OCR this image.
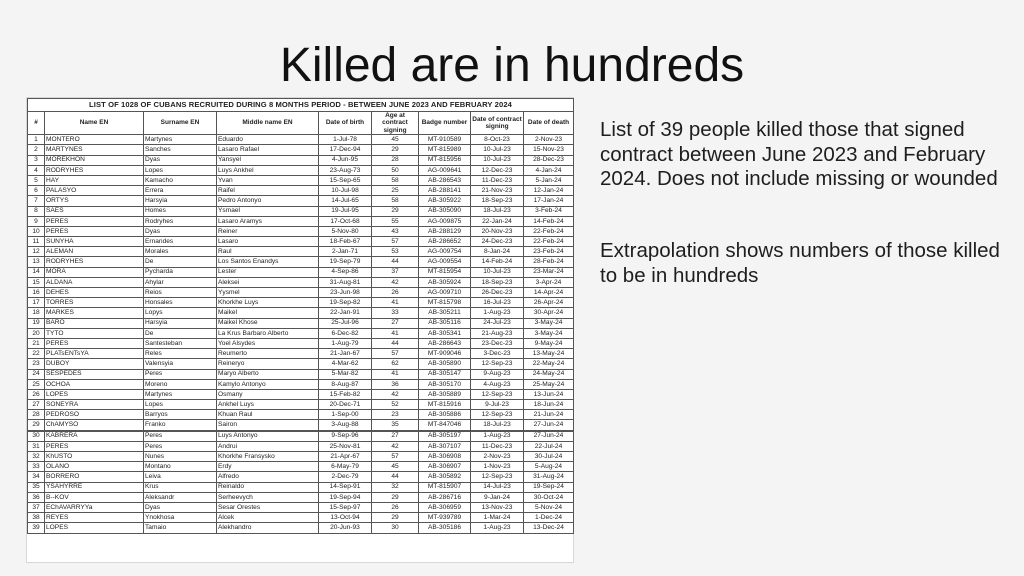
Killed are in hundreds
LIST OF 1028 OF CUBANS RECRUITED DURING 8 MONTHS PERIOD - BETWEEN JUNE 2023 AND FEBRUARY 2024								
#	Name EN	Surname EN	Middle name EN	Date of birth	Age at contract signing	Badge number	Date of contract signing	Date of death
1	MONTERO	Martynes	Eduardo	1-Jul-78	45	MT-910589	8-Oct-23	2-Nov-23
2	MARTYNES	Sanches	Lasaro Rafael	17-Dec-94	29	MT-815989	10-Jul-23	15-Nov-23
3	MOREKHON	Dyas	Yansyel	4-Jun-95	28	MT-815956	10-Jul-23	28-Dec-23
4	RODRYHES	Lopes	Luys Ankhel	23-Aug-73	50	AG-009641	12-Dec-23	4-Jan-24
5	HAY	Kamacho	Yvan	15-Sep-65	58	AB-286543	11-Dec-23	5-Jan-24
6	PALASYO	Errera	Raifel	10-Jul-98	25	AB-288141	21-Nov-23	12-Jan-24
7	ORTYS	Harsyia	Pedro Antonyo	14-Jul-65	58	AB-305922	18-Sep-23	17-Jan-24
8	SAES	Homes	Ysmael	19-Jul-95	29	AB-305090	18-Jul-23	3-Feb-24
9	PERES	Rodryhes	Lasaro Aramys	17-Oct-68	55	AG-009875	22-Jan-24	14-Feb-24
10	PERES	Dyas	Reiner	5-Nov-80	43	AB-288129	20-Nov-23	22-Feb-24
11	SUNYHA	Ernandes	Lasaro	18-Feb-67	57	AB-286652	24-Dec-23	22-Feb-24
12	ALEMAN	Morales	Raul	2-Jan-71	53	AG-009754	8-Jan-24	23-Feb-24
13	RODRYHES	De	Los Santos Enandys	19-Sep-79	44	AG-009554	14-Feb-24	28-Feb-24
14	MORA	Pycharda	Lester	4-Sep-86	37	MT-815954	10-Jul-23	23-Mar-24
15	ALDANA	Ahylar	Aleksei	31-Aug-81	42	AB-305924	18-Sep-23	3-Apr-24
16	DEHES	Reios	Yysmel	23-Jun-98	26	AG-009710	26-Dec-23	14-Apr-24
17	TORRES	Honsales	Khorkhe Luys	19-Sep-82	41	MT-815798	16-Jul-23	26-Apr-24
18	MARKES	Lopys	Maikel	22-Jan-91	33	AB-305211	1-Aug-23	30-Apr-24
19	BARO	Harsyia	Maikel Khose	25-Jul-96	27	AB-305116	24-Jul-23	3-May-24
20	TYTO	De	La Krus Barbaro Alberto	6-Dec-82	41	AB-305341	21-Aug-23	3-May-24
21	PERES	Santesteban	Yoel Alsydes	1-Aug-79	44	AB-286643	23-Dec-23	9-May-24
22	PLATsENTsYA	Reles	Reumerto	21-Jan-67	57	MT-909046	3-Dec-23	13-May-24
23	DUBOY	Valensyia	Reineryo	4-Mar-62	62	AB-305890	12-Sep-23	22-May-24
24	SESPEDES	Peres	Maryo Alberto	5-Mar-82	41	AB-305147	9-Aug-23	24-May-24
25	OCHOA	Moreno	Kamylo Antonyo	8-Aug-87	36	AB-305170	4-Aug-23	25-May-24
26	LOPES	Martynes	Osmany	15-Feb-82	42	AB-305889	12-Sep-23	13-Jun-24
27	SONEYRA	Lopes	Ankhel Luys	20-Dec-71	52	MT-815916	9-Jul-23	18-Jun-24
28	PEDROSO	Barryos	Khuan Raul	1-Sep-00	23	AB-305886	12-Sep-23	21-Jun-24
29	ChAMYSO	Franko	Sairon	3-Aug-88	35	MT-847046	18-Jul-23	27-Jun-24
30	KABRERA	Peres	Luys Antonyo	9-Sep-96	27	AB-305197	1-Aug-23	27-Jun-24
31	PERES	Peres	Andrui	25-Nov-81	42	AB-307107	11-Dec-23	22-Jul-24
32	KhUSTO	Nunes	Khorkhe Fransysko	21-Apr-67	57	AB-306908	2-Nov-23	30-Jul-24
33	OLANO	Montano	Erdy	6-May-79	45	AB-306907	1-Nov-23	5-Aug-24
34	BORRERO	Leiva	Alfredo	2-Dec-79	44	AB-305892	12-Sep-23	31-Aug-24
35	YSAHYRRE	Krus	Reinaldo	14-Sep-91	32	MT-815907	14-Jul-23	19-Sep-24
36	B--KOV	Aleksandr	Serheevych	19-Sep-94	29	AB-286716	9-Jan-24	30-Oct-24
37	EChAVARRYYa	Dyas	Sesar Orestes	15-Sep-97	26	AB-306959	13-Nov-23	5-Nov-24
38	REYES	Ynokhosa	Alcek	13-Oct-94	29	MT-939789	1-Mar-24	1-Dec-24
39	LOPES	Tamaio	Alekhandro	20-Jun-93	30	AB-305186	1-Aug-23	13-Dec-24
List of 39 people killed those that signed contract between June 2023 and February 2024. Does not include missing or wounded
Extrapolation shows numbers of those killed to be in hundreds
